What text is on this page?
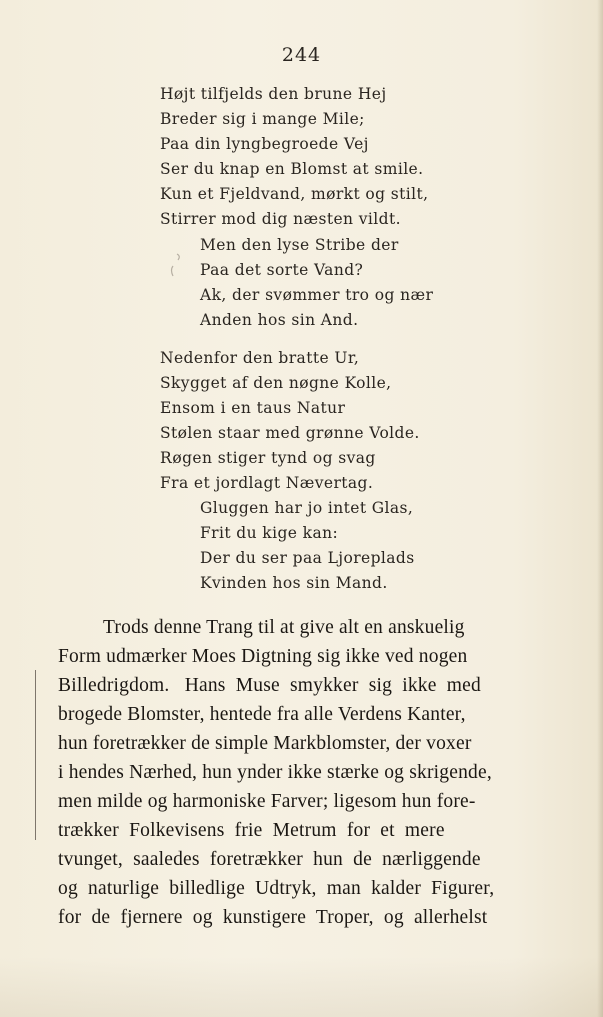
244
Højt tilfjelds den brune Hej
Breder sig i mange Mile;
Paa din lyngbegroede Vej
Ser du knap en Blomst at smile.
Kun et Fjeldvand, mørkt og stilt,
Stirrer mod dig næsten vildt.
Men den lyse Stribe der
Paa det sorte Vand?
Ak, der svømmer tro og nær
Anden hos sin And.
Nedenfor den bratte Ur,
Skygget af den nøgne Kolle,
Ensom i en taus Natur
Stølen staar med grønne Volde.
Røgen stiger tynd og svag
Fra et jordlagt Nævertag.
Gluggen har jo intet Glas,
Frit du kige kan:
Der du ser paa Ljoreplads
Kvinden hos sin Mand.
Trods denne Trang til at give alt en anskuelig
Form udmærker Moes Digtning sig ikke ved nogen
Billedrigdom.   Hans  Muse  smykker  sig  ikke  med
brogede Blomster, hentede fra alle Verdens Kanter,
hun foretrækker de simple Markblomster, der voxer
i hendes Nærhed, hun ynder ikke stærke og skrigende,
men milde og harmoniske Farver; ligesom hun fore-
trækker  Folkevisens  frie  Metrum  for  et  mere
tvunget,  saaledes  foretrækker  hun  de  nærliggende
og  naturlige  billedlige  Udtryk,  man  kalder  Figurer,
for  de  fjernere  og  kunstigere  Troper,  og  allerhelst
